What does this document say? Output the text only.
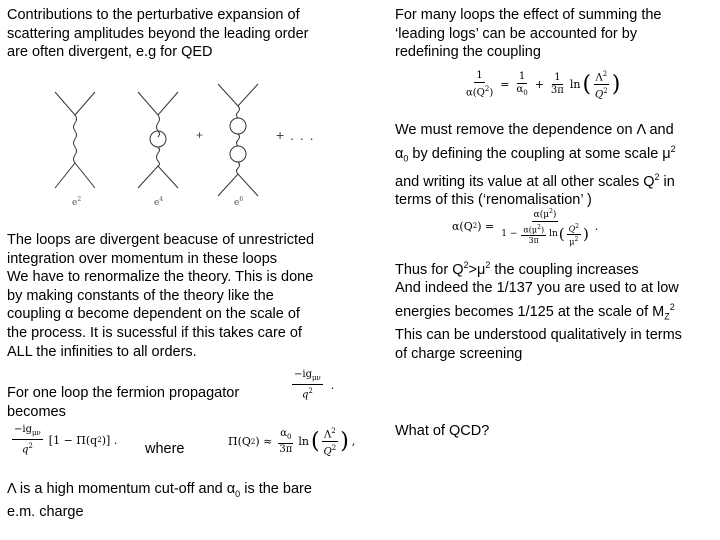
Contributions to the perturbative expansion of
scattering amplitudes beyond the leading order
are often divergent, e.g for QED
+	+ . . .
$e^2$	$e^4$	$e^6$
The loops are divergent beacuse of unrestricted
integration over momentum in these loops
We have to renormalize the theory. This is done
by making constants of the theory like the
coupling α become dependent on the scale of
the process. It is sucessful if this takes care of
ALL the infinities to all orders.
For one loop the fermion propagator
becomes
$\frac{-ig_{\mu\nu}}{q^2}$ .
$\frac{-ig_{\mu\nu}}{q^2} [1 - \Pi(q$ 2 )] .
where	Π(Q 2 ) ≈ $\frac{\alpha_0}{3\pi}$ ln ( $\frac{\Lambda^2}{Q^2}$ ) ,
Λ is a high momentum cut-off and $\alpha_0$ is the bare
e.m. charge
For many loops the effect of summing the
‘leading logs’ can be accounted for by
redefining the coupling
$\frac{1}{\alpha(Q^2)} = \frac{1}{\alpha_0} + \frac{1}{3\pi}$ ln ( $\frac{\Lambda^2}{Q^2}$ )
We must remove the dependence on Λ and
$\alpha_0$ by defining the coupling at some scale $\mu^2$
and writing its value at all other scales $Q^2$ in
terms of this (‘renomalisation’ )
α(Q 2 ) = $\frac{\alpha(\mu^2)}{1 - \frac{\alpha(\mu^2)}{3\pi} \ln ( \frac{Q^2}{\mu^2} )}$ .
Thus for $Q^2>\mu^2$ the coupling increases
And indeed the 1/137 you are used to at low
energies becomes 1/125 at the scale of $M_Z^2$
This can be understood qualitatively in terms
of charge screening
What of QCD?
